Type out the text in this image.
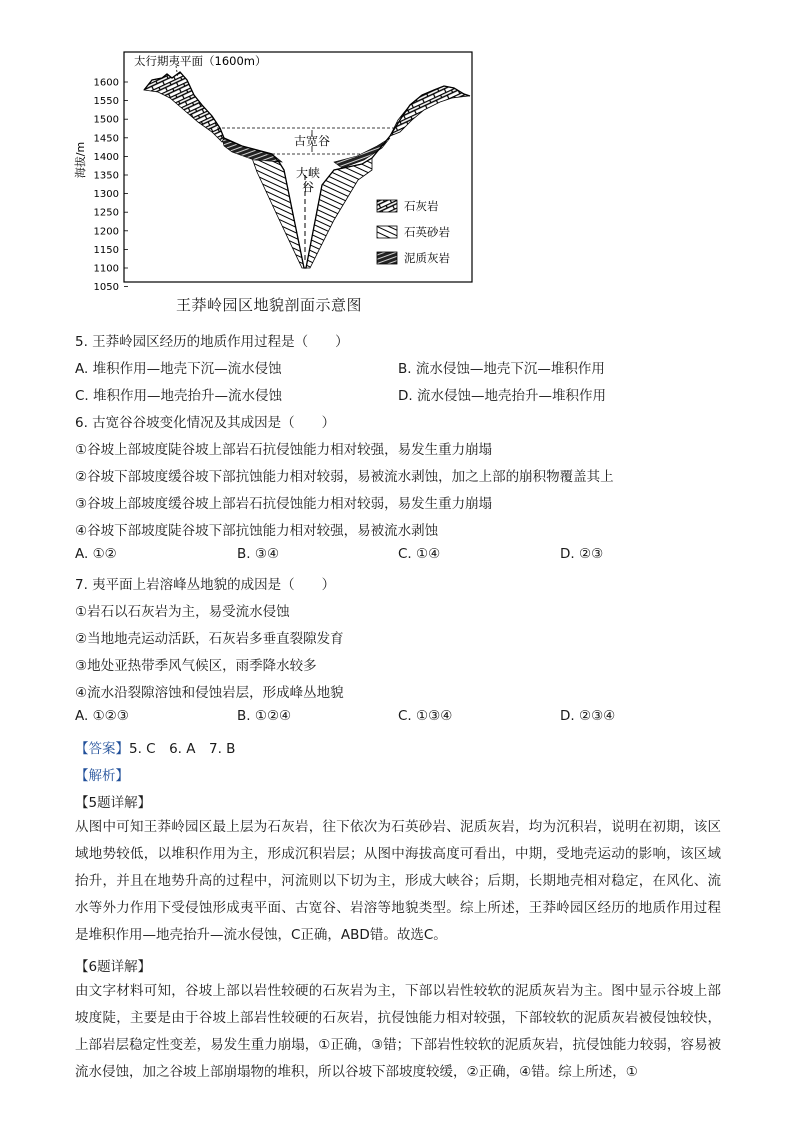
1600
1550
1500
1450
1400
1350
1300
1250
1200
1150
1100
1050
海拔/m
太行期夷平面（1600m）
古宽谷
大峡谷
石灰岩
石英砂岩
泥质灰岩
王莽岭园区地貌剖面示意图
5. 王莽岭园区经历的地质作用过程是（　　）
A. 堆积作用—地壳下沉—流水侵蚀	B. 流水侵蚀—地壳下沉—堆积作用
C. 堆积作用—地壳抬升—流水侵蚀	D. 流水侵蚀—地壳抬升—堆积作用
6. 古宽谷谷坡变化情况及其成因是（　　）
①谷坡上部坡度陡谷坡上部岩石抗侵蚀能力相对较强，易发生重力崩塌
②谷坡下部坡度缓谷坡下部抗蚀能力相对较弱，易被流水剥蚀，加之上部的崩积物覆盖其上
③谷坡上部坡度缓谷坡上部岩石抗侵蚀能力相对较弱，易发生重力崩塌
④谷坡下部坡度陡谷坡下部抗蚀能力相对较强，易被流水剥蚀
A. ①②	B. ③④	C. ①④	D. ②③
7. 夷平面上岩溶峰丛地貌的成因是（　　）
①岩石以石灰岩为主，易受流水侵蚀
②当地地壳运动活跃，石灰岩多垂直裂隙发育
③地处亚热带季风气候区，雨季降水较多
④流水沿裂隙溶蚀和侵蚀岩层，形成峰丛地貌
A. ①②③	B. ①②④	C. ①③④	D. ②③④
【答案】5. C　6. A　7. B
【解析】
【5题详解】
从图中可知王莽岭园区最上层为石灰岩，往下依次为石英砂岩、泥质灰岩，均为沉积岩，说明在初期，该区域地势较低，以堆积作用为主，形成沉积岩层；从图中海拔高度可看出，中期，受地壳运动的影响，该区域抬升，并且在地势升高的过程中，河流则以下切为主，形成大峡谷；后期，长期地壳相对稳定，在风化、流水等外力作用下受侵蚀形成夷平面、古宽谷、岩溶等地貌类型。综上所述，王莽岭园区经历的地质作用过程是堆积作用—地壳抬升—流水侵蚀，C正确，ABD错。故选C。
【6题详解】
由文字材料可知，谷坡上部以岩性较硬的石灰岩为主，下部以岩性较软的泥质灰岩为主。图中显示谷坡上部坡度陡，主要是由于谷坡上部岩性较硬的石灰岩，抗侵蚀能力相对较强，下部较软的泥质灰岩被侵蚀较快，上部岩层稳定性变差，易发生重力崩塌，①正确，③错；下部岩性较软的泥质灰岩，抗侵蚀能力较弱，容易被流水侵蚀，加之谷坡上部崩塌物的堆积，所以谷坡下部坡度较缓，②正确，④错。综上所述，①
